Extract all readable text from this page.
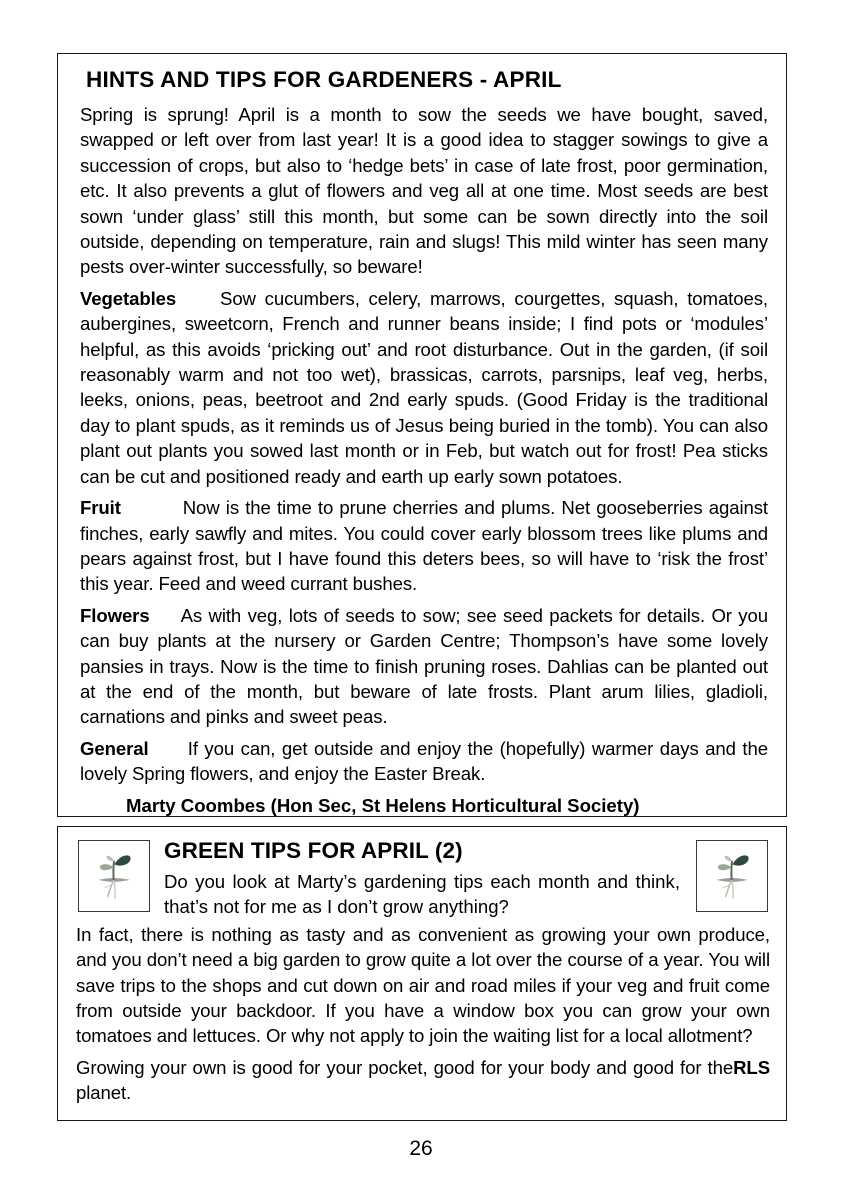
HINTS AND TIPS FOR GARDENERS - APRIL

Spring is sprung! April is a month to sow the seeds we have bought, saved, swapped or left over from last year! It is a good idea to stagger sowings to give a succession of crops, but also to ‘hedge bets’ in case of late frost, poor germination, etc. It also prevents a glut of flowers and veg all at one time. Most seeds are best sown ‘under glass’ still this month, but some can be sown directly into the soil outside, depending on temperature, rain and slugs! This mild winter has seen many pests over-winter successfully, so beware!

Vegetables Sow cucumbers, celery, marrows, courgettes, squash, tomatoes, aubergines, sweetcorn, French and runner beans inside; I find pots or ‘modules’ helpful, as this avoids ‘pricking out’ and root disturbance. Out in the garden, (if soil reasonably warm and not too wet), brassicas, carrots, parsnips, leaf veg, herbs, leeks, onions, peas, beetroot and 2nd early spuds. (Good Friday is the traditional day to plant spuds, as it reminds us of Jesus being buried in the tomb). You can also plant out plants you sowed last month or in Feb, but watch out for frost! Pea sticks can be cut and positioned ready and earth up early sown potatoes.

Fruit	Now is the time to prune cherries and plums. Net gooseberries against finches, early sawfly and mites. You could cover early blossom trees like plums and pears against frost, but I have found this deters bees, so will have to ‘risk the frost’ this year. Feed and weed currant bushes.

Flowers As with veg, lots of seeds to sow; see seed packets for details. Or you can buy plants at the nursery or Garden Centre; Thompson’s have some lovely pansies in trays. Now is the time to finish pruning roses. Dahlias can be planted out at the end of the month, but beware of late frosts. Plant arum lilies, gladioli, carnations and pinks and sweet peas.

General If you can, get outside and enjoy the (hopefully) warmer days and the lovely Spring flowers, and enjoy the Easter Break.

Marty Coombes (Hon Sec, St Helens Horticultural Society)

GREEN TIPS FOR APRIL (2)

Do you look at Marty’s gardening tips each month and think, that’s not for me as I don’t grow anything?

In fact, there is nothing as tasty and as convenient as growing your own produce, and you don’t need a big garden to grow quite a lot over the course of a year. You will save trips to the shops and cut down on air and road miles if your veg and fruit come from outside your backdoor. If you have a window box you can grow your own tomatoes and lettuces. Or why not apply to join the waiting list for a local allotment?

RLS
Growing your own is good for your pocket, good for your body and good for the planet.

26
